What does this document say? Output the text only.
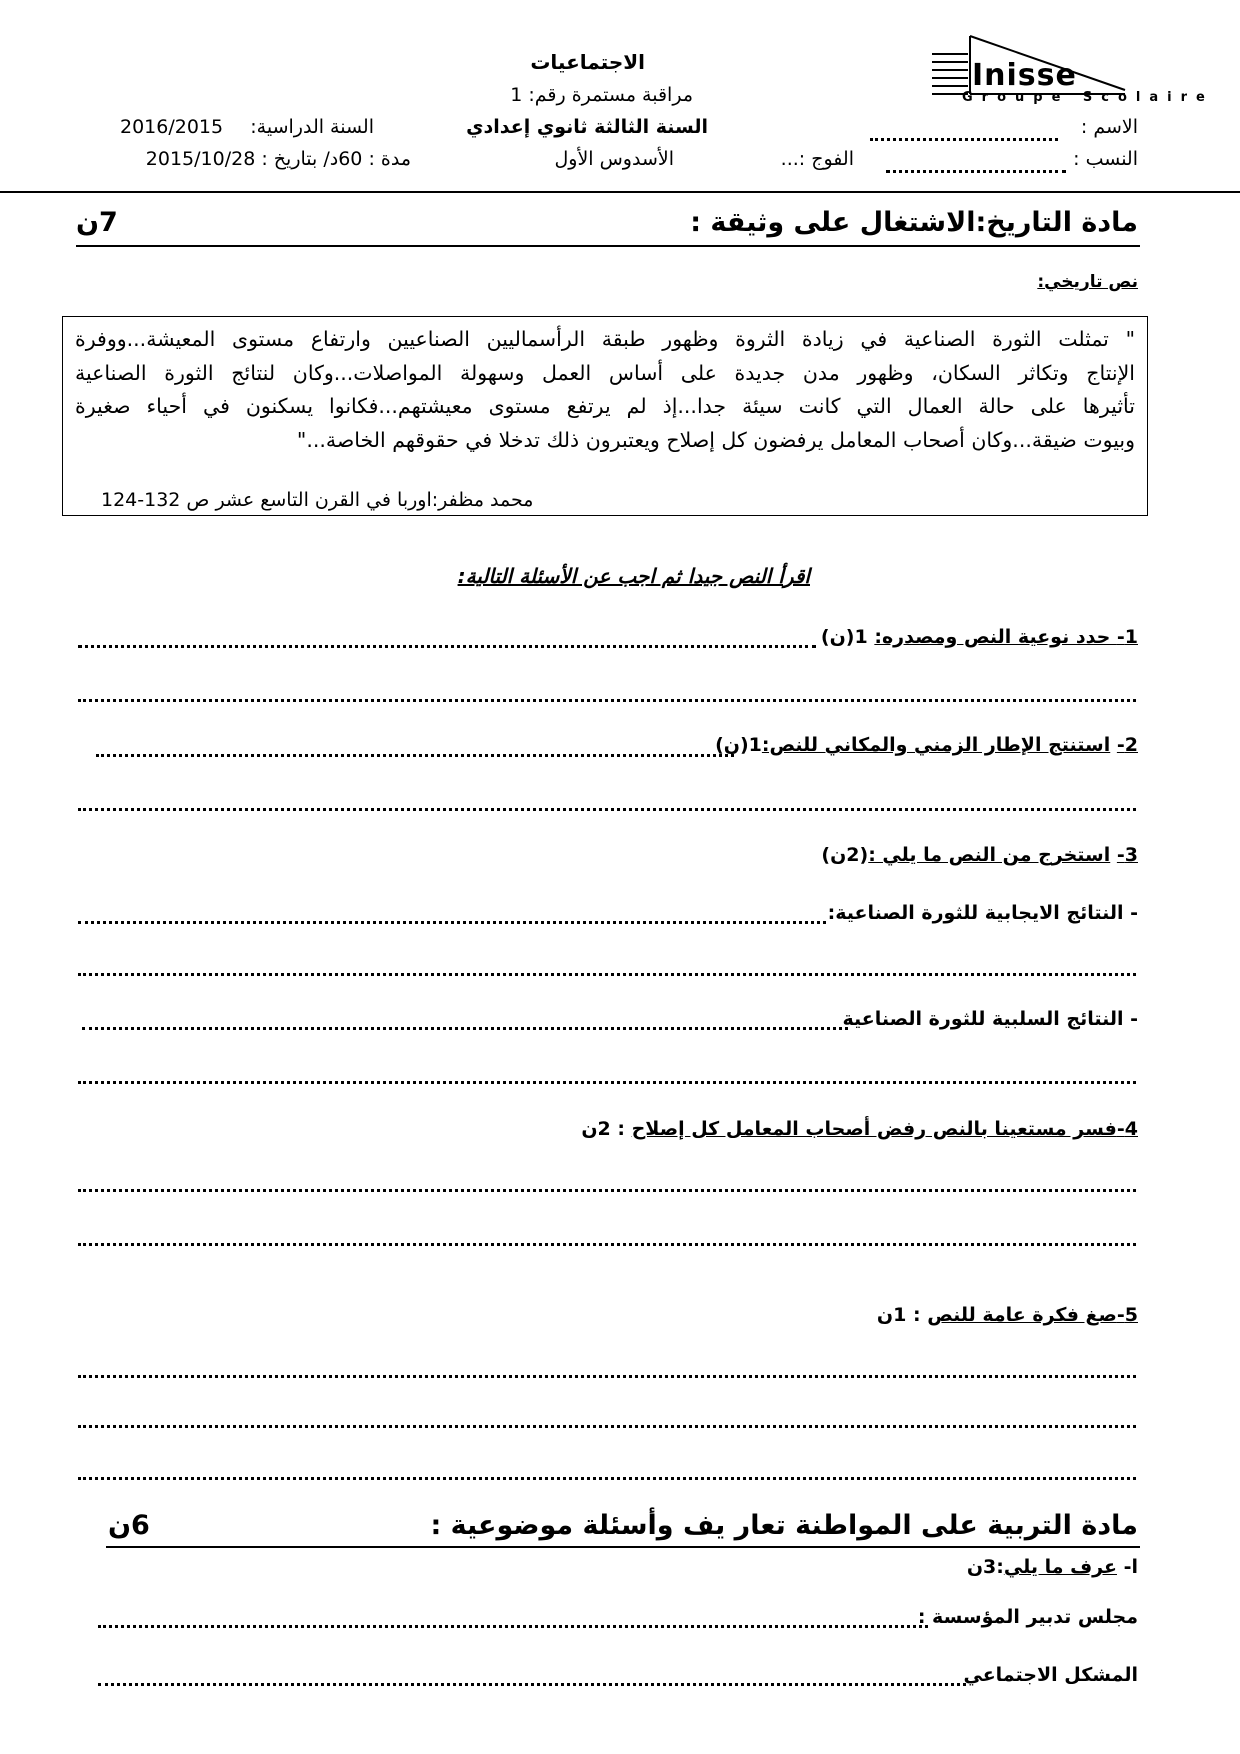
Inisse
Groupe Scolaire
الاجتماعيات
مراقبة مستمرة رقم: 1
السنة الثالثة ثانوي إعدادي
الأسدوس الأول
السنة الدراسية:
2016/2015
مدة : 60د/ بتاريخ : 2015/10/28
الاسم :
النسب :
الفوج :...
مادة التاريخ:الاشتغال على وثيقة :
7ن
نص تاريخي:

" تمثلت الثورة الصناعية في زيادة الثروة وظهور طبقة الرأسماليين الصناعيين وارتفاع مستوى المعيشة...ووفرة

الإنتاج وتكاثر السكان، وظهور مدن جديدة على أساس العمل وسهولة المواصلات...وكان لنتائج الثورة الصناعية

تأثيرها على حالة العمال التي كانت سيئة جدا...إذ لم يرتفع مستوى معيشتهم...فكانوا يسكنون في أحياء صغيرة

وبيوت ضيقة...وكان أصحاب المعامل يرفضون كل إصلاح ويعتبرون ذلك تدخلا في حقوقهم الخاصة..."

محمد مظفر:اوربا في القرن التاسع عشر ص 132-124
اقرأ النص جيدا ثم اجب عن الأسئلة التالية:
1- حدد نوعية النص ومصدره: 1(ن)
2- استنتج الإطار الزمني والمكاني للنص:1(ن)
3- استخرج من النص ما يلي :(2ن)
- النتائج الايجابية للثورة الصناعية:
- النتائج السلبية للثورة الصناعية
4-فسر مستعينا بالنص رفض أصحاب المعامل كل إصلاح : 2ن
5-صغ فكرة عامة للنص : 1ن
مادة التربية على المواطنة تعار يف وأسئلة موضوعية :
6ن
ا- عرف ما يلي:3ن
مجلس تدبير المؤسسة :
المشكل الاجتماعي
